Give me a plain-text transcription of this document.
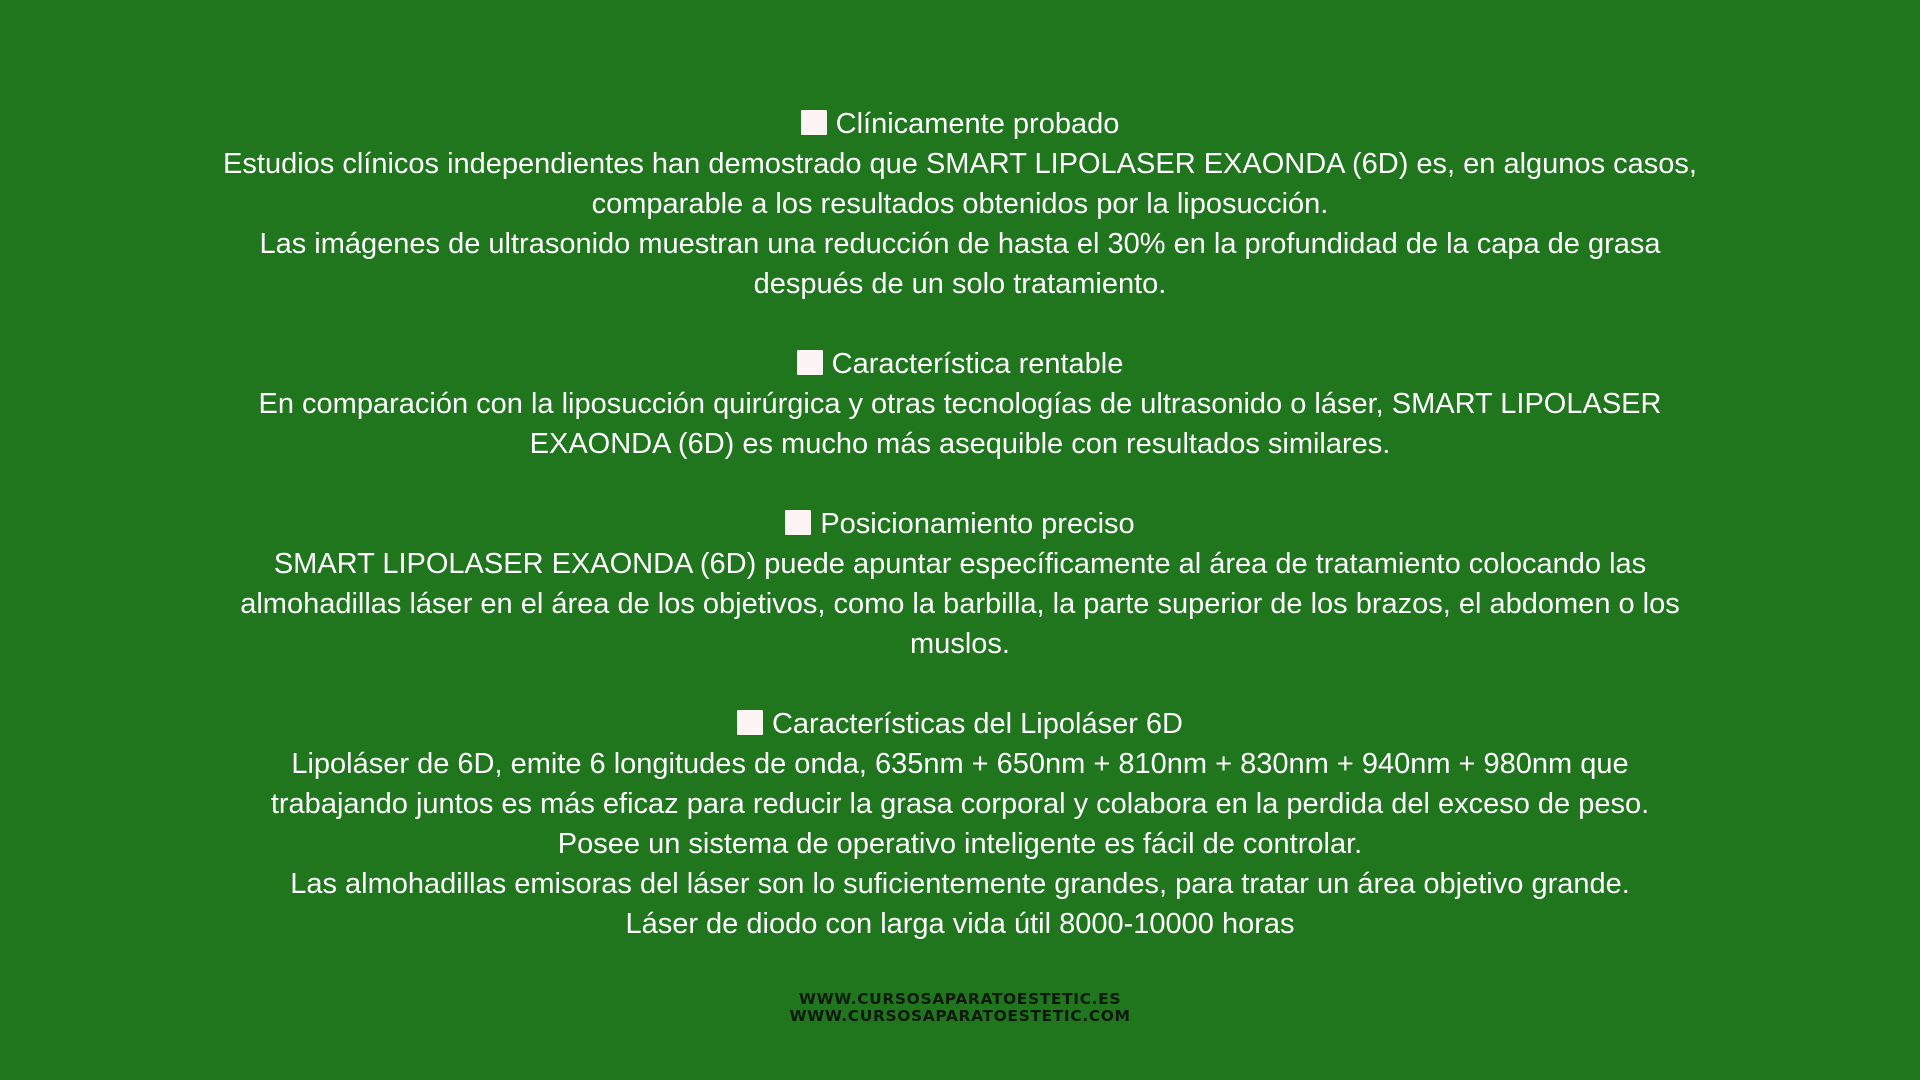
Clínicamente probado

Estudios clínicos independientes han demostrado que SMART LIPOLASER EXAONDA (6D) es, en algunos casos,

comparable a los resultados obtenidos por la liposucción.

Las imágenes de ultrasonido muestran una reducción de hasta el 30% en la profundidad de la capa de grasa

después de un solo tratamiento.

Característica rentable

En comparación con la liposucción quirúrgica y otras tecnologías de ultrasonido o láser, SMART LIPOLASER

EXAONDA (6D) es mucho más asequible con resultados similares.

Posicionamiento preciso

SMART LIPOLASER EXAONDA (6D) puede apuntar específicamente al área de tratamiento colocando las

almohadillas láser en el área de los objetivos, como la barbilla, la parte superior de los brazos, el abdomen o los

muslos.

Características del Lipoláser 6D

Lipoláser de 6D, emite 6 longitudes de onda, 635nm + 650nm + 810nm + 830nm + 940nm + 980nm que

trabajando juntos es más eficaz para reducir la grasa corporal y colabora en la perdida del exceso de peso.

Posee un sistema de operativo inteligente es fácil de controlar.

Las almohadillas emisoras del láser son lo suficientemente grandes, para tratar un área objetivo grande.

Láser de diodo con larga vida útil 8000-10000 horas

WWW.CURSOSAPARATOESTETIC.ES
WWW.CURSOSAPARATOESTETIC.COM
